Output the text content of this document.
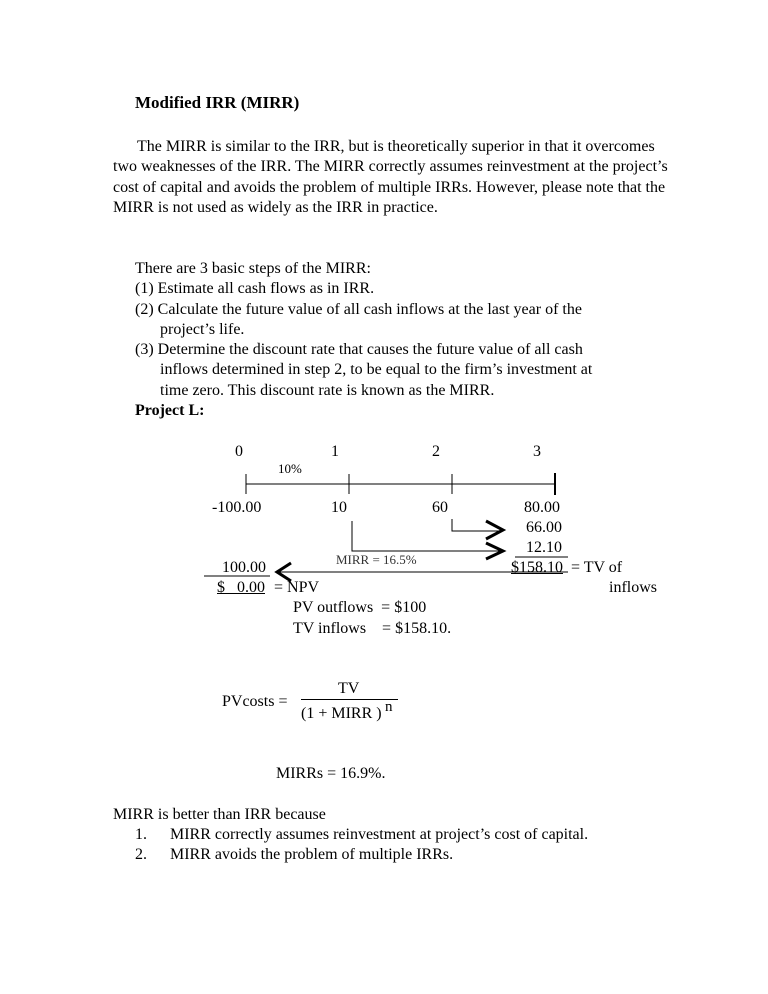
Modified IRR (MIRR)
The MIRR is similar to the IRR, but is theoretically superior in that it overcomes two weaknesses of the IRR. The MIRR correctly assumes reinvestment at the project’s cost of capital and avoids the problem of multiple IRRs. However, please note that the MIRR is not used as widely as the IRR in practice.
There are 3 basic steps of the MIRR:
(1) Estimate all cash flows as in IRR.
(2) Calculate the future value of all cash inflows at the last year of the
project’s life.
(3) Determine the discount rate that causes the future value of all cash
inflows determined in step 2, to be equal to the firm’s investment at
time zero. This discount rate is known as the MIRR.
Project L:
0	1	2	3
10%
-100.00	10	60	80.00
66.00
12.10
MIRR = 16.5%	$158.10 = TV of
inflows
100.00
$   0.00 = NPV
PV outflows  = $100
TV inflows    = $158.10.
PVcosts =
TV
(1 + MIRR ) n
MIRRs = 16.9%.
MIRR is better than IRR because
1. MIRR correctly assumes reinvestment at project’s cost of capital.
2. MIRR avoids the problem of multiple IRRs.
